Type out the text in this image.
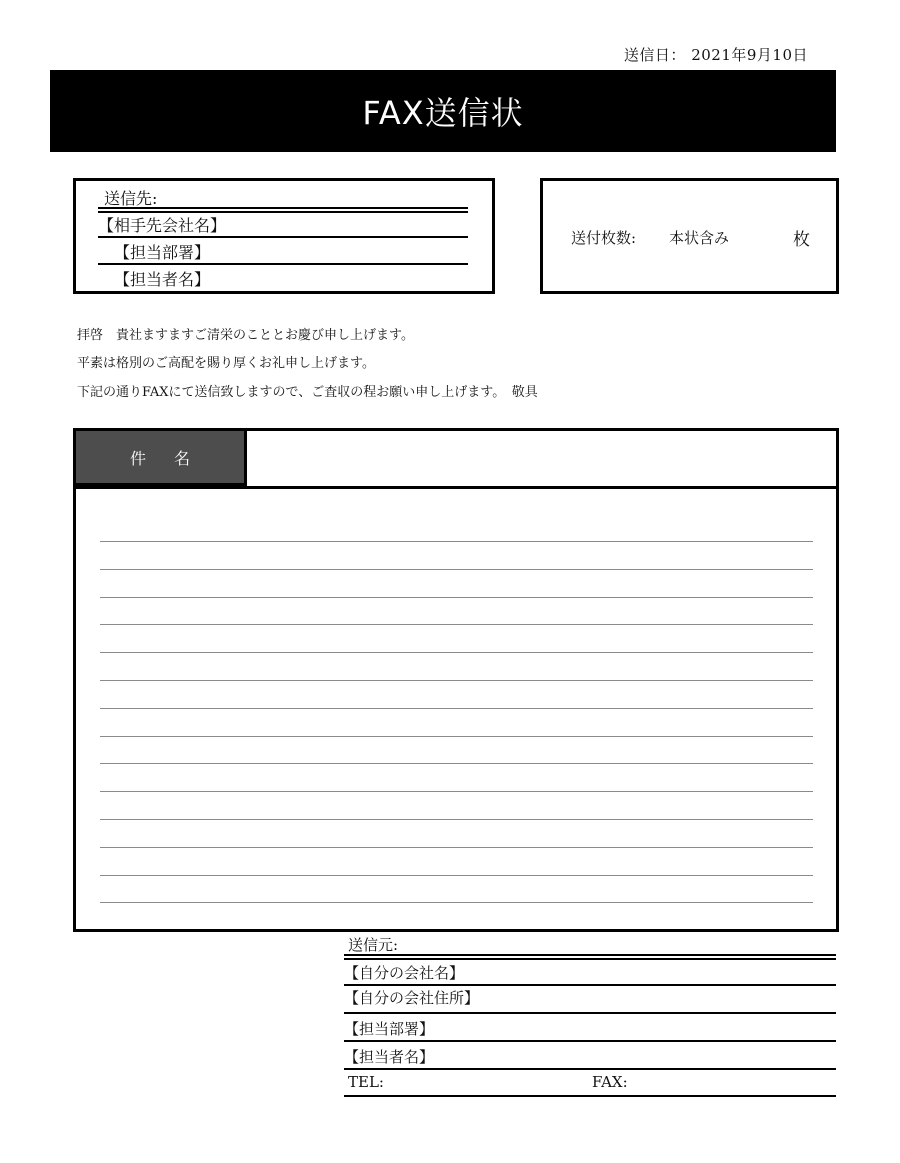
送信日： 2021年9月10日
FAX送信状
送信先:
【相手先会社名】
【担当部署】
【担当者名】
送付枚数: 本状含み	枚
拝啓　貴社ますますご清栄のこととお慶び申し上げます。
平素は格別のご高配を賜り厚くお礼申し上げます。
下記の通りFAXにて送信致しますので、ご査収の程お願い申し上げます。　敬具
件名
送信元:
【自分の会社名】
【自分の会社住所】
【担当部署】
【担当者名】
TEL:	FAX:
